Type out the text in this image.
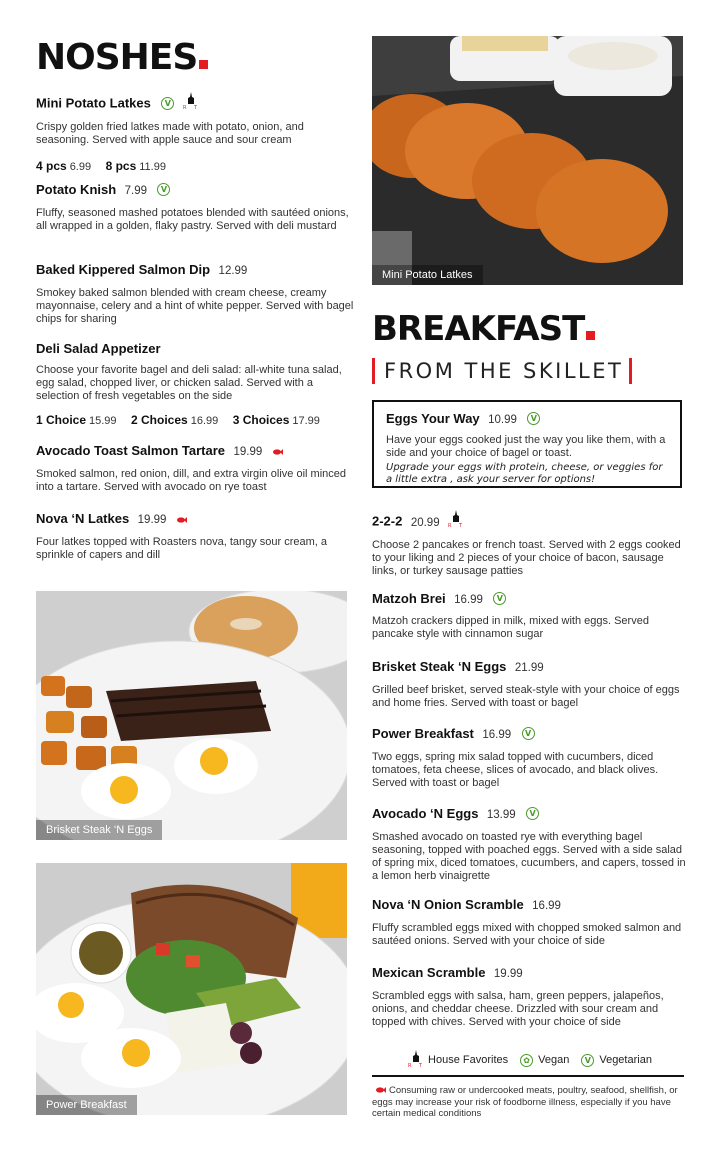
NOSHES
Mini Potato Latkes V R T
Crispy golden fried latkes made with potato, onion, and seasoning. Served with apple sauce and sour cream
4 pcs 6.99 8 pcs 11.99
Potato Knish 7.99 V
Fluffy, seasoned mashed potatoes blended with sautéed onions, all wrapped in a golden, flaky pastry. Served with deli mustard
Baked Kippered Salmon Dip 12.99
Smokey baked salmon blended with cream cheese, creamy mayonnaise, celery and a hint of white pepper. Served with bagel chips for sharing
Deli Salad Appetizer
Choose your favorite bagel and deli salad: all-white tuna salad, egg salad, chopped liver, or chicken salad. Served with a selection of fresh vegetables on the side
1 Choice 15.99 2 Choices 16.99 3 Choices 17.99
Avocado Toast Salmon Tartare 19.99
Smoked salmon, red onion, dill, and extra virgin olive oil minced into a tartare. Served with avocado on rye toast
Nova ‘N Latkes 19.99
Four latkes topped with Roasters nova, tangy sour cream, a sprinkle of capers and dill
Brisket Steak ‘N Eggs
Power Breakfast
Mini Potato Latkes
BREAKFAST
FROM THE SKILLET
Eggs Your Way 10.99 V
Have your eggs cooked just the way you like them, with a side and your choice of bagel or toast.
Upgrade your eggs with protein, cheese, or veggies for a little extra , ask your server for options!
2-2-2 20.99 R T
Choose 2 pancakes or french toast. Served with 2 eggs cooked to your liking and 2 pieces of your choice of bacon, sausage links, or turkey sausage patties
Matzoh Brei 16.99 V
Matzoh crackers dipped in milk, mixed with eggs. Served pancake style with cinnamon sugar
Brisket Steak ‘N Eggs 21.99
Grilled beef brisket, served steak-style with your choice of eggs and home fries. Served with toast or bagel
Power Breakfast 16.99 V
Two eggs, spring mix salad topped with cucumbers, diced tomatoes, feta cheese, slices of avocado, and black olives. Served with toast or bagel
Avocado ‘N Eggs 13.99 V
Smashed avocado on toasted rye with everything bagel seasoning, topped with poached eggs. Served with a side salad of spring mix, diced tomatoes, cucumbers, and capers, tossed in a lemon herb vinaigrette
Nova ‘N Onion Scramble 16.99
Fluffy scrambled eggs mixed with chopped smoked salmon and sautéed onions. Served with your choice of side
Mexican Scramble 19.99
Scrambled eggs with salsa, ham, green peppers, jalapeños, onions, and cheddar cheese. Drizzled with sour cream and topped with chives. Served with your choice of side
R T House Favorites	✿ Vegan	V Vegetarian
Consuming raw or undercooked meats, poultry, seafood, shellfish, or eggs may increase your risk of foodborne illness, especially if you have certain medical conditions
